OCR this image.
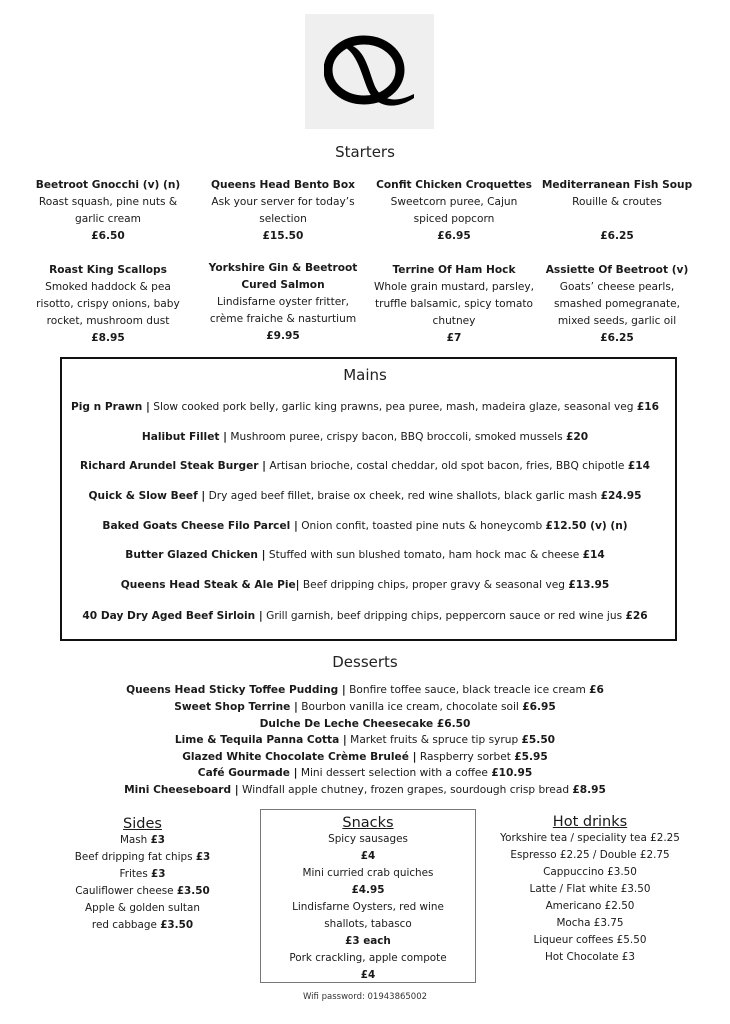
Starters
Beetroot Gnocchi (v) (n)
Roast squash, pine nuts &
garlic cream
£6.50
Queens Head Bento Box
Ask your server for today’s
selection
£15.50
Confit Chicken Croquettes
Sweetcorn puree, Cajun
spiced popcorn
£6.95
Mediterranean Fish Soup
Rouille & croutes
£6.25
Roast King Scallops
Smoked haddock & pea
risotto, crispy onions, baby
rocket, mushroom dust
£8.95
Yorkshire Gin & Beetroot
Cured Salmon
Lindisfarne oyster fritter,
crème fraiche & nasturtium
£9.95
Terrine Of Ham Hock
Whole grain mustard, parsley,
truffle balsamic, spicy tomato
chutney
£7
Assiette Of Beetroot (v)
Goats’ cheese pearls,
smashed pomegranate,
mixed seeds, garlic oil
£6.25
Mains
Pig n Prawn | Slow cooked pork belly, garlic king prawns, pea puree, mash, madeira glaze, seasonal veg £16
Halibut Fillet | Mushroom puree, crispy bacon, BBQ broccoli, smoked mussels £20
Richard Arundel Steak Burger | Artisan brioche, costal cheddar, old spot bacon, fries, BBQ chipotle £14
Quick & Slow Beef | Dry aged beef fillet, braise ox cheek, red wine shallots, black garlic mash £24.95
Baked Goats Cheese Filo Parcel | Onion confit, toasted pine nuts & honeycomb £12.50 (v) (n)
Butter Glazed Chicken | Stuffed with sun blushed tomato, ham hock mac & cheese £14
Queens Head Steak & Ale Pie| Beef dripping chips, proper gravy & seasonal veg £13.95
40 Day Dry Aged Beef Sirloin | Grill garnish, beef dripping chips, peppercorn sauce or red wine jus £26
Desserts
Queens Head Sticky Toffee Pudding | Bonfire toffee sauce, black treacle ice cream £6
Sweet Shop Terrine | Bourbon vanilla ice cream, chocolate soil £6.95
Dulche De Leche Cheesecake £6.50
Lime & Tequila Panna Cotta | Market fruits & spruce tip syrup £5.50
Glazed White Chocolate Crème Bruleé | Raspberry sorbet £5.95
Café Gourmade | Mini dessert selection with a coffee £10.95
Mini Cheeseboard | Windfall apple chutney, frozen grapes, sourdough crisp bread £8.95
Sides
Mash £3
Beef dripping fat chips £3
Frites £3
Cauliflower cheese £3.50
Apple & golden sultan
red cabbage £3.50
Snacks
Spicy sausages
£4
Mini curried crab quiches
£4.95
Lindisfarne Oysters, red wine
shallots, tabasco
£3 each
Pork crackling, apple compote
£4
Hot drinks
Yorkshire tea / speciality tea £2.25
Espresso £2.25 / Double £2.75
Cappuccino £3.50
Latte / Flat white £3.50
Americano £2.50
Mocha £3.75
Liqueur coffees £5.50
Hot Chocolate £3
Wifi password: 01943865002
